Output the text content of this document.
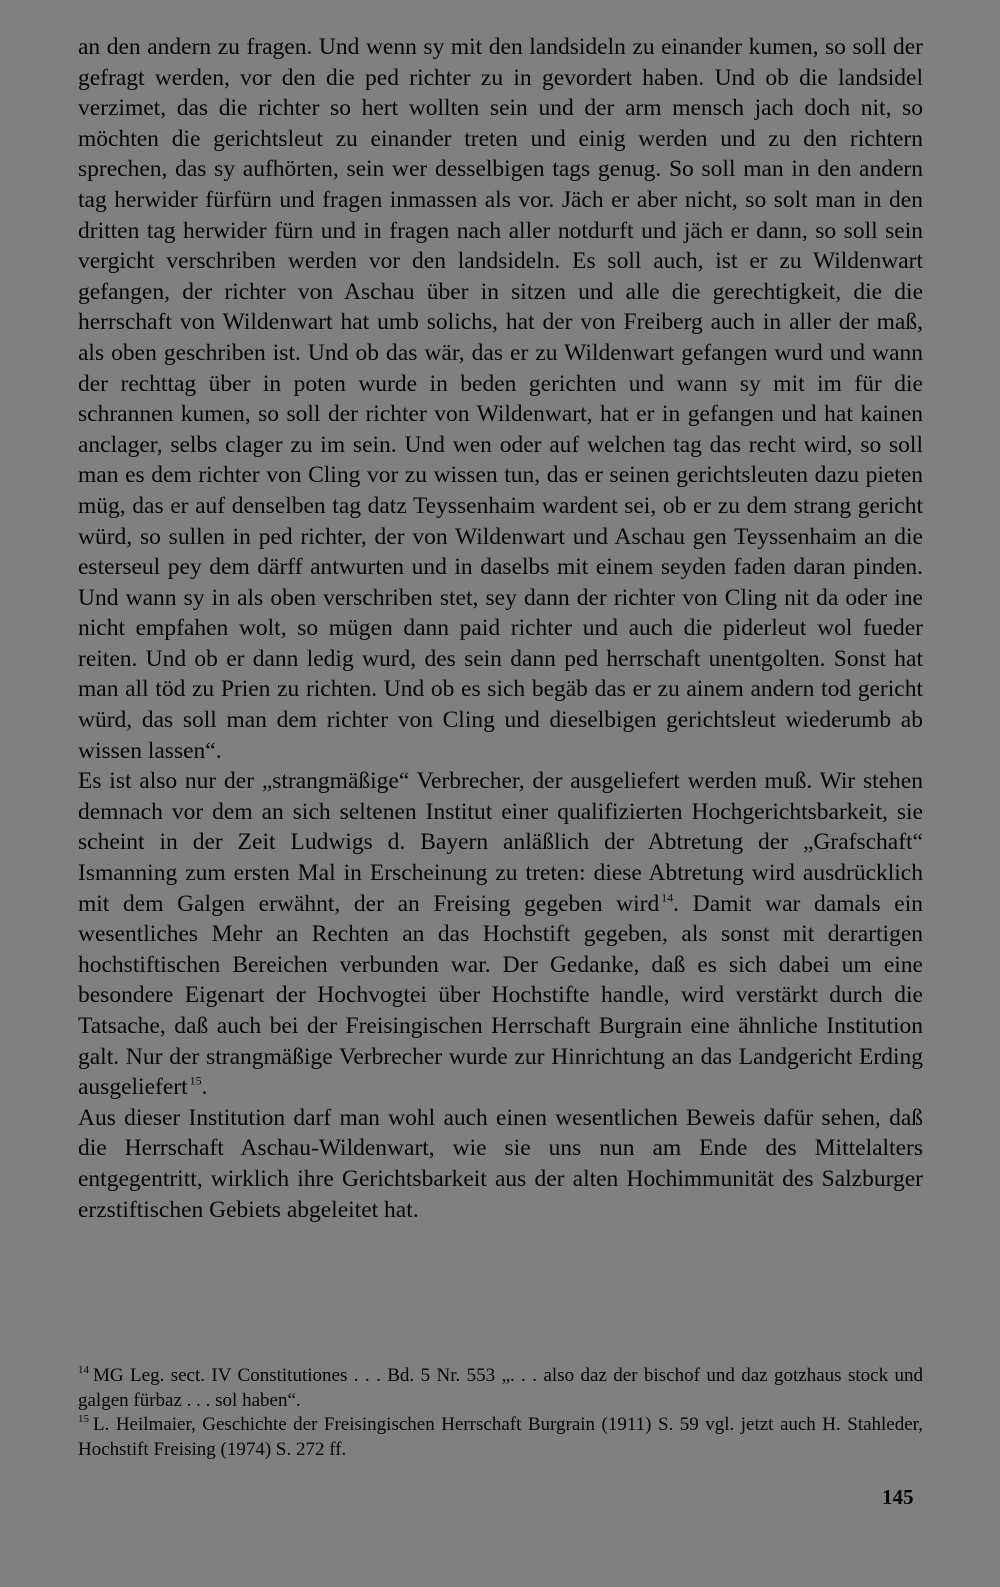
an den andern zu fragen. Und wenn sy mit den landsideln zu einander kumen, so soll der gefragt werden, vor den die ped richter zu in gevordert haben. Und ob die landsidel verzimet, das die richter so hert wollten sein und der arm mensch jach doch nit, so möchten die gerichtsleut zu einander treten und einig werden und zu den richtern sprechen, das sy aufhörten, sein wer desselbigen tags genug. So soll man in den andern tag herwider fürfürn und fragen inmassen als vor. Jäch er aber nicht, so solt man in den dritten tag herwider fürn und in fragen nach aller notdurft und jäch er dann, so soll sein vergicht verschriben werden vor den landsideln. Es soll auch, ist er zu Wildenwart gefangen, der richter von Aschau über in sitzen und alle die gerechtigkeit, die die herrschaft von Wildenwart hat umb solichs, hat der von Freiberg auch in aller der maß, als oben geschriben ist. Und ob das wär, das er zu Wildenwart gefangen wurd und wann der rechttag über in poten wurde in beden gerichten und wann sy mit im für die schrannen kumen, so soll der richter von Wildenwart, hat er in gefangen und hat kainen anclager, selbs clager zu im sein. Und wen oder auf welchen tag das recht wird, so soll man es dem richter von Cling vor zu wissen tun, das er seinen gerichtsleuten dazu pieten müg, das er auf denselben tag datz Teyssenhaim wardent sei, ob er zu dem strang gericht würd, so sullen in ped richter, der von Wildenwart und Aschau gen Teyssenhaim an die esterseul pey dem därff antwurten und in daselbs mit einem seyden faden daran pinden. Und wann sy in als oben verschriben stet, sey dann der richter von Cling nit da oder ine nicht empfahen wolt, so mügen dann paid richter und auch die piderleut wol fueder reiten. Und ob er dann ledig wurd, des sein dann ped herrschaft unentgolten. Sonst hat man all töd zu Prien zu richten. Und ob es sich begäb das er zu ainem andern tod gericht würd, das soll man dem richter von Cling und dieselbigen gerichtsleut wiederumb ab wissen lassen“.

Es ist also nur der „strangmäßige“ Verbrecher, der ausgeliefert werden muß. Wir stehen demnach vor dem an sich seltenen Institut einer qualifizierten Hochgerichtsbarkeit, sie scheint in der Zeit Ludwigs d. Bayern anläßlich der Abtretung der „Grafschaft“ Ismanning zum ersten Mal in Erscheinung zu treten: diese Abtretung wird ausdrücklich mit dem Galgen erwähnt, der an Freising gegeben wird  $^{14}$. Damit war damals ein wesentliches Mehr an Rechten an das Hochstift gegeben, als sonst mit derartigen hochstiftischen Bereichen verbunden war. Der Gedanke, daß es sich dabei um eine besondere Eigenart der Hochvogtei über Hochstifte handle, wird verstärkt durch die Tatsache, daß auch bei der Freisingischen Herrschaft Burgrain eine ähnliche Institution galt. Nur der strangmäßige Verbrecher wurde zur Hinrichtung an das Landgericht Erding ausgeliefert  $^{15}$.

Aus dieser Institution darf man wohl auch einen wesentlichen Beweis dafür sehen, daß die Herrschaft Aschau-Wildenwart, wie sie uns nun am Ende des Mittelalters entgegentritt, wirklich ihre Gerichtsbarkeit aus der alten Hochimmunität des Salzburger erzstiftischen Gebiets abgeleitet hat.

$^{14}$ MG Leg. sect. IV Constitutiones . . . Bd. 5 Nr. 553 „. . . also daz der bischof und daz gotzhaus stock und galgen fürbaz . . . sol haben“.

$^{15}$ L. Heilmaier, Geschichte der Freisingischen Herrschaft Burgrain (1911) S. 59 vgl. jetzt auch H. Stahleder, Hochstift Freising (1974) S. 272 ff.

145
